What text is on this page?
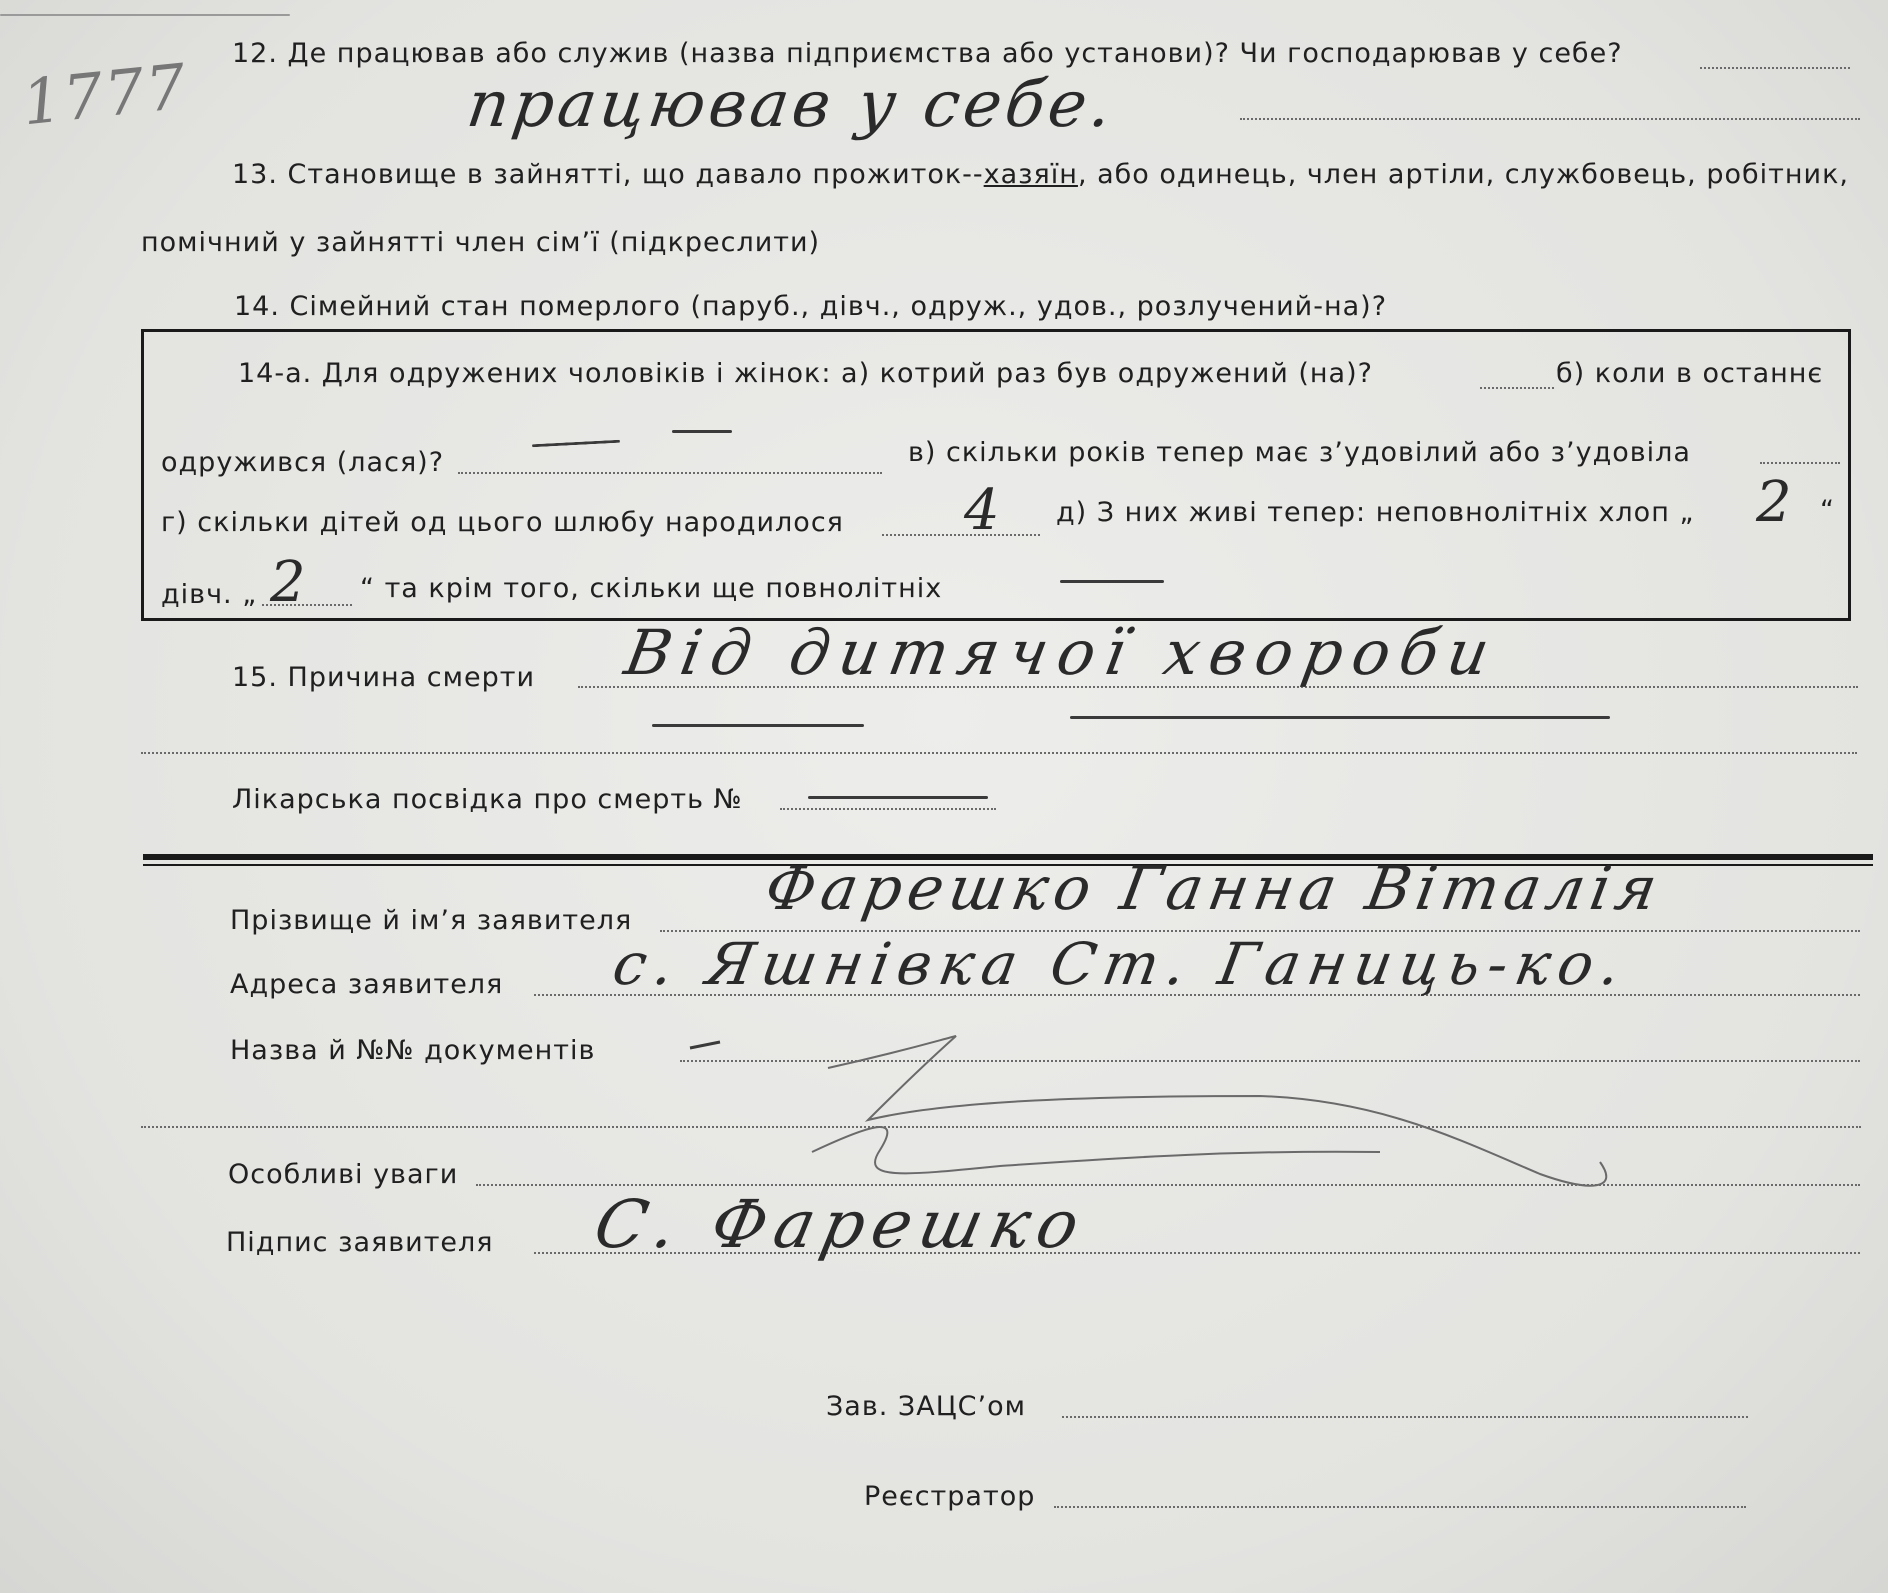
1777 12. Де працював або служив (назва підприємства або установи)? Чи господарював у себе?
працював у себе.
13. Становище в зайнятті, що давало прожиток--хазяїн, або одинець, член артіли, службовець, робітник,
помічний у зайнятті член сім’ї (підкреслити)
14. Сімейний стан померлого (паруб., дівч., одруж., удов., розлучений-на)?
14-а. Для одружених чоловіків і жінок: а) котрий раз був одружений (на)?	б) коли в останнє
одружився (лася)?	в) скільки років тепер має з’удовілий або з’удовіла
г) скільки дітей од цього шлюбу народилося 4 д) З них живі тепер: неповнолітніх хлоп „ 2 “
дівч. „ 2 “ та крім того, скільки ще повнолітніх
15. Причина смерти Від дитячої хвороби
Лікарська посвідка про смерть №
Прізвище й ім’я заявителя Фарешко Ганна Віталія
Адреса заявителя с. Яшнівка Ст. Ганиць-ко.
Назва й №№ документів
Особливі уваги
Підпис заявителя С. Фарешко
Зав. ЗАЦС’ом
Реєстратор
